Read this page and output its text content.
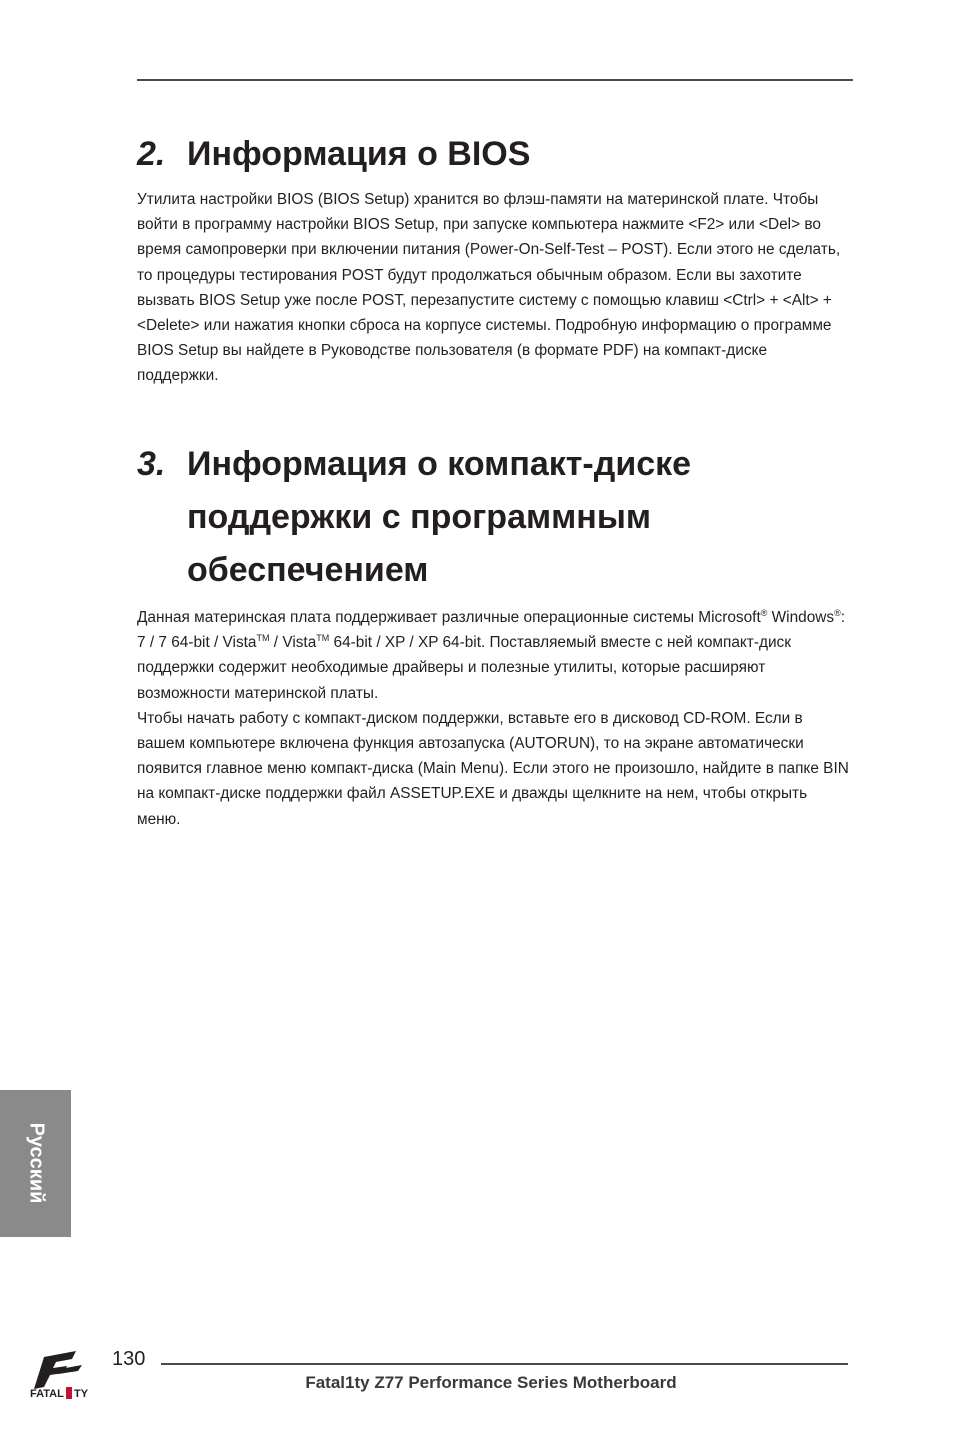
2. Информация о BIOS

Утилита настройки BIOS (BIOS Setup) хранится во флэш-памяти на материнской плате. Чтобы войти в программу настройки BIOS Setup, при запуске компьютера нажмите <F2> или <Del> во время самопроверки при включении питания (Power-On-Self-Test – POST). Если этого не сделать, то процедуры тестирования POST будут продолжаться обычным образом. Если вы захотите вызвать BIOS Setup уже после POST, перезапустите систему с помощью клавиш <Ctrl> + <Alt> + <Delete> или нажатия кнопки сброса на корпусе системы. Подробную информацию о программе BIOS Setup вы найдете в Руководстве пользователя (в формате PDF) на компакт-диске поддержки.

3. Информация о компакт-диске
поддержки с программным
обеспечением

Данная материнская плата поддерживает различные операционные системы Microsoft® Windows®: 7 / 7 64-bit / Vista™ / Vista™ 64-bit / XP / XP 64-bit. Поставляемый вместе с ней компакт-диск поддержки содержит необходимые драйверы и полезные утилиты, которые расширяют возможности материнской платы.

Чтобы начать работу с компакт-диском поддержки, вставьте его в дисковод CD-ROM. Если в вашем компьютере включена функция автозапуска (AUTORUN), то на экране автоматически появится главное меню компакт-диска (Main Menu). Если этого не произошло, найдите в папке BIN на компакт-диске поддержки файл ASSETUP.EXE и дважды щелкните на нем, чтобы открыть меню.

Русский
FATAL TY
130
Fatal1ty Z77 Performance Series Motherboard
